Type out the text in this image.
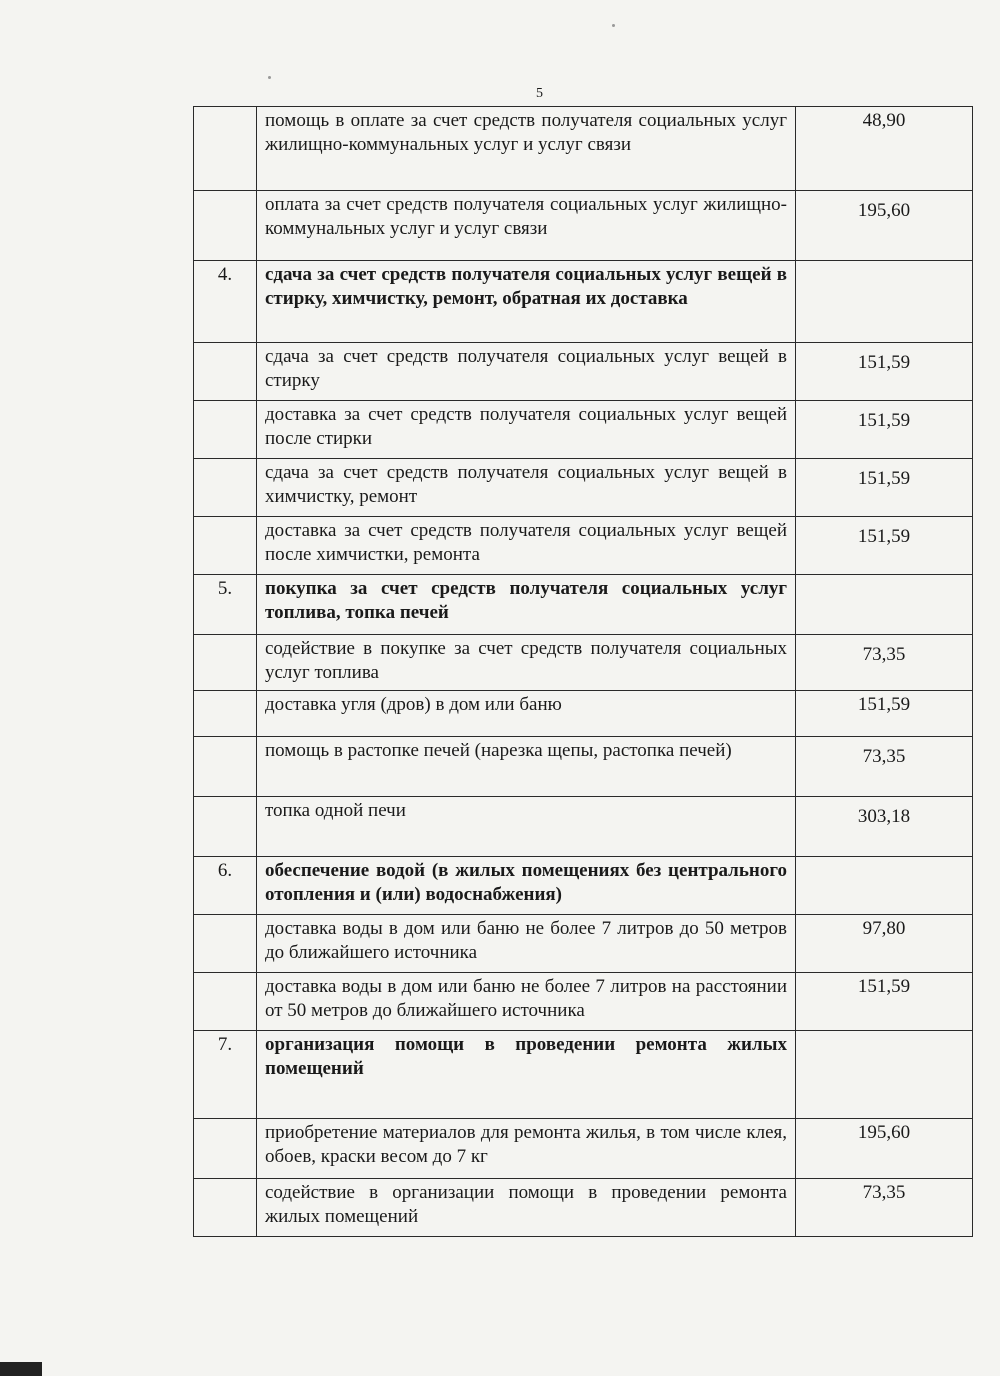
5
	помощь в оплате за счет средств получателя социальных услуг жилищно-коммунальных услуг и услуг связи	48,90
	оплата за счет средств получателя социальных услуг жилищно-коммунальных услуг и услуг связи	195,60
4.	сдача за счет средств получателя социальных услуг вещей в стирку, химчистку, ремонт, обратная их доставка	
	сдача за счет средств получателя социальных услуг вещей в стирку	151,59
	доставка за счет средств получателя социальных услуг вещей после стирки	151,59
	сдача за счет средств получателя социальных услуг вещей в химчистку, ремонт	151,59
	доставка за счет средств получателя социальных услуг вещей после химчистки, ремонта	151,59
5.	покупка за счет средств получателя социальных услуг топлива, топка печей	
	содействие в покупке за счет средств получателя социальных услуг топлива	73,35
	доставка угля (дров) в дом или баню	151,59
	помощь в растопке печей (нарезка щепы, растопка печей)	73,35
	топка одной печи	303,18
6.	обеспечение водой (в жилых помещениях без центрального отопления и (или) водоснабжения)	
	доставка воды в дом или баню не более 7 литров до 50 метров до ближайшего источника	97,80
	доставка воды в дом или баню не более 7 литров на расстоянии от 50 метров до ближайшего источника	151,59
7.	организация помощи в проведении ремонта жилых помещений	
	приобретение материалов для ремонта жилья, в том числе клея, обоев, краски весом до 7 кг	195,60
	содействие в организации помощи в проведении ремонта жилых помещений	73,35
